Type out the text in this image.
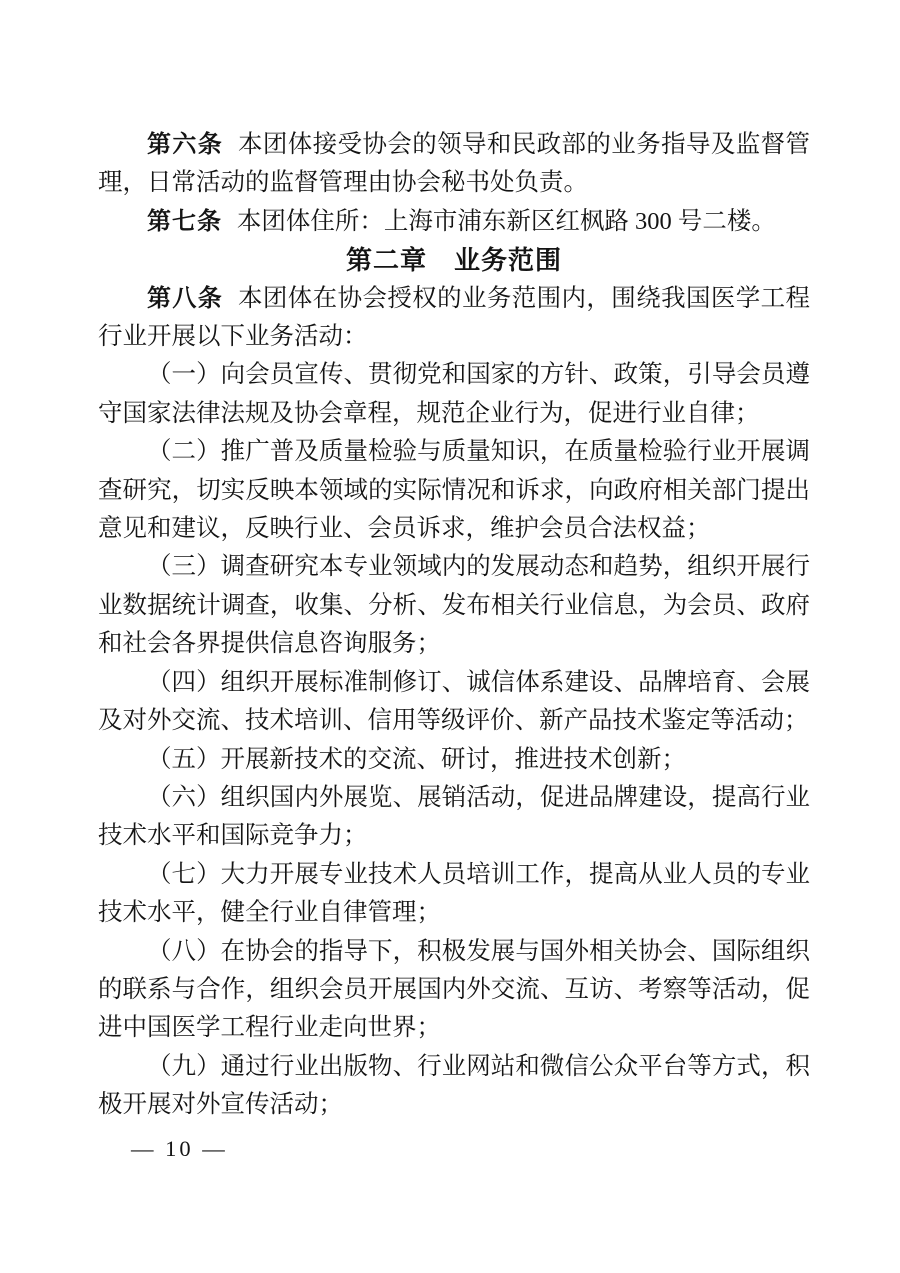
第六条 本团体接受协会的领导和民政部的业务指导及监督管理，日常活动的监督管理由协会秘书处负责。

第七条 本团体住所：上海市浦东新区红枫路 300 号二楼。

第二章　业务范围

第八条 本团体在协会授权的业务范围内，围绕我国医学工程行业开展以下业务活动：

（一）向会员宣传、贯彻党和国家的方针、政策，引导会员遵守国家法律法规及协会章程，规范企业行为，促进行业自律；

（二）推广普及质量检验与质量知识，在质量检验行业开展调查研究，切实反映本领域的实际情况和诉求，向政府相关部门提出意见和建议，反映行业、会员诉求，维护会员合法权益；

（三）调查研究本专业领域内的发展动态和趋势，组织开展行业数据统计调查，收集、分析、发布相关行业信息，为会员、政府和社会各界提供信息咨询服务；

（四）组织开展标准制修订、诚信体系建设、品牌培育、会展及对外交流、技术培训、信用等级评价、新产品技术鉴定等活动；

（五）开展新技术的交流、研讨，推进技术创新；

（六）组织国内外展览、展销活动，促进品牌建设，提高行业技术水平和国际竞争力；

（七）大力开展专业技术人员培训工作，提高从业人员的专业技术水平，健全行业自律管理；

（八）在协会的指导下，积极发展与国外相关协会、国际组织的联系与合作，组织会员开展国内外交流、互访、考察等活动，促进中国医学工程行业走向世界；

（九）通过行业出版物、行业网站和微信公众平台等方式，积极开展对外宣传活动；

— 10 —
